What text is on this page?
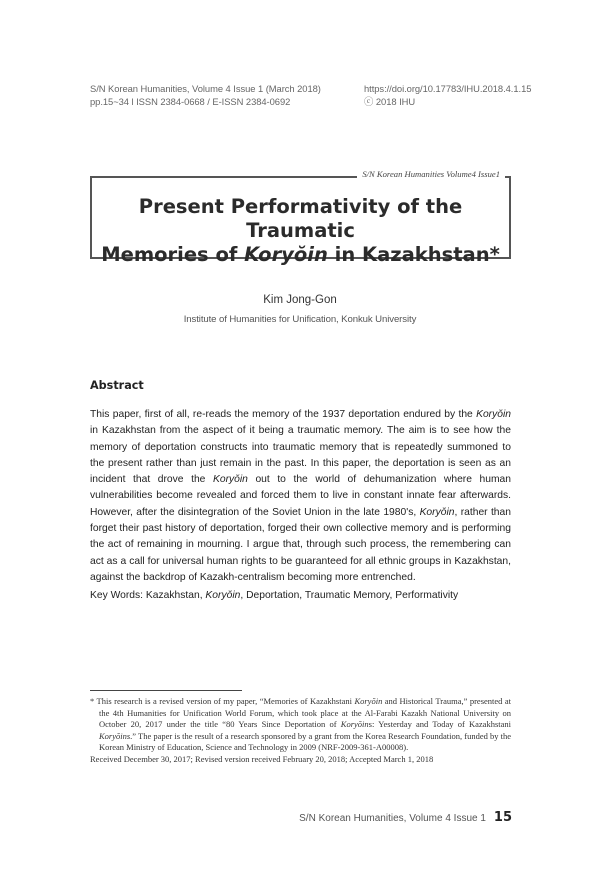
S/N Korean Humanities, Volume 4 Issue 1 (March 2018)
pp.15~34 l ISSN 2384-0668 / E-ISSN 2384-0692
https://doi.org/10.17783/IHU.2018.4.1.15
ⓒ 2018 IHU
S/N Korean Humanities Volume4 Issue1
Present Performativity of the Traumatic
Memories of Koryŏin in Kazakhstan*
Kim Jong-Gon
Institute of Humanities for Unification, Konkuk University
Abstract

This paper, first of all, re-reads the memory of the 1937 deportation endured by the Koryŏin in Kazakhstan from the aspect of it being a traumatic memory. The aim is to see how the memory of deportation constructs into traumatic memory that is repeatedly summoned to the present rather than just remain in the past. In this paper, the deportation is seen as an incident that drove the Koryŏin out to the world of dehumanization where human vulnerabilities become revealed and forced them to live in constant innate fear afterwards. However, after the disintegration of the Soviet Union in the late 1980's, Koryŏin, rather than forget their past history of deportation, forged their own collective memory and is performing the act of remaining in mourning. I argue that, through such process, the remembering can act as a call for universal human rights to be guaranteed for all ethnic groups in Kazakhstan, against the backdrop of Kazakh-centralism becoming more entrenched.

Key Words: Kazakhstan, Koryŏin, Deportation, Traumatic Memory, Performativity

* This research is a revised version of my paper, “Memories of Kazakhstani Koryŏin and Historical Trauma,” presented at the 4th Humanities for Unification World Forum, which took place at the Al-Farabi Kazakh National University on October 20, 2017 under the title “80 Years Since Deportation of Koryŏins: Yesterday and Today of Kazakhstani Koryŏins.” The paper is the result of a research sponsored by a grant from the Korea Research Foundation, funded by the Korean Ministry of Education, Science and Technology in 2009 (NRF-2009-361-A00008).

Received December 30, 2017; Revised version received February 20, 2018; Accepted March 1, 2018

S/N Korean Humanities, Volume 4 Issue 1 15
